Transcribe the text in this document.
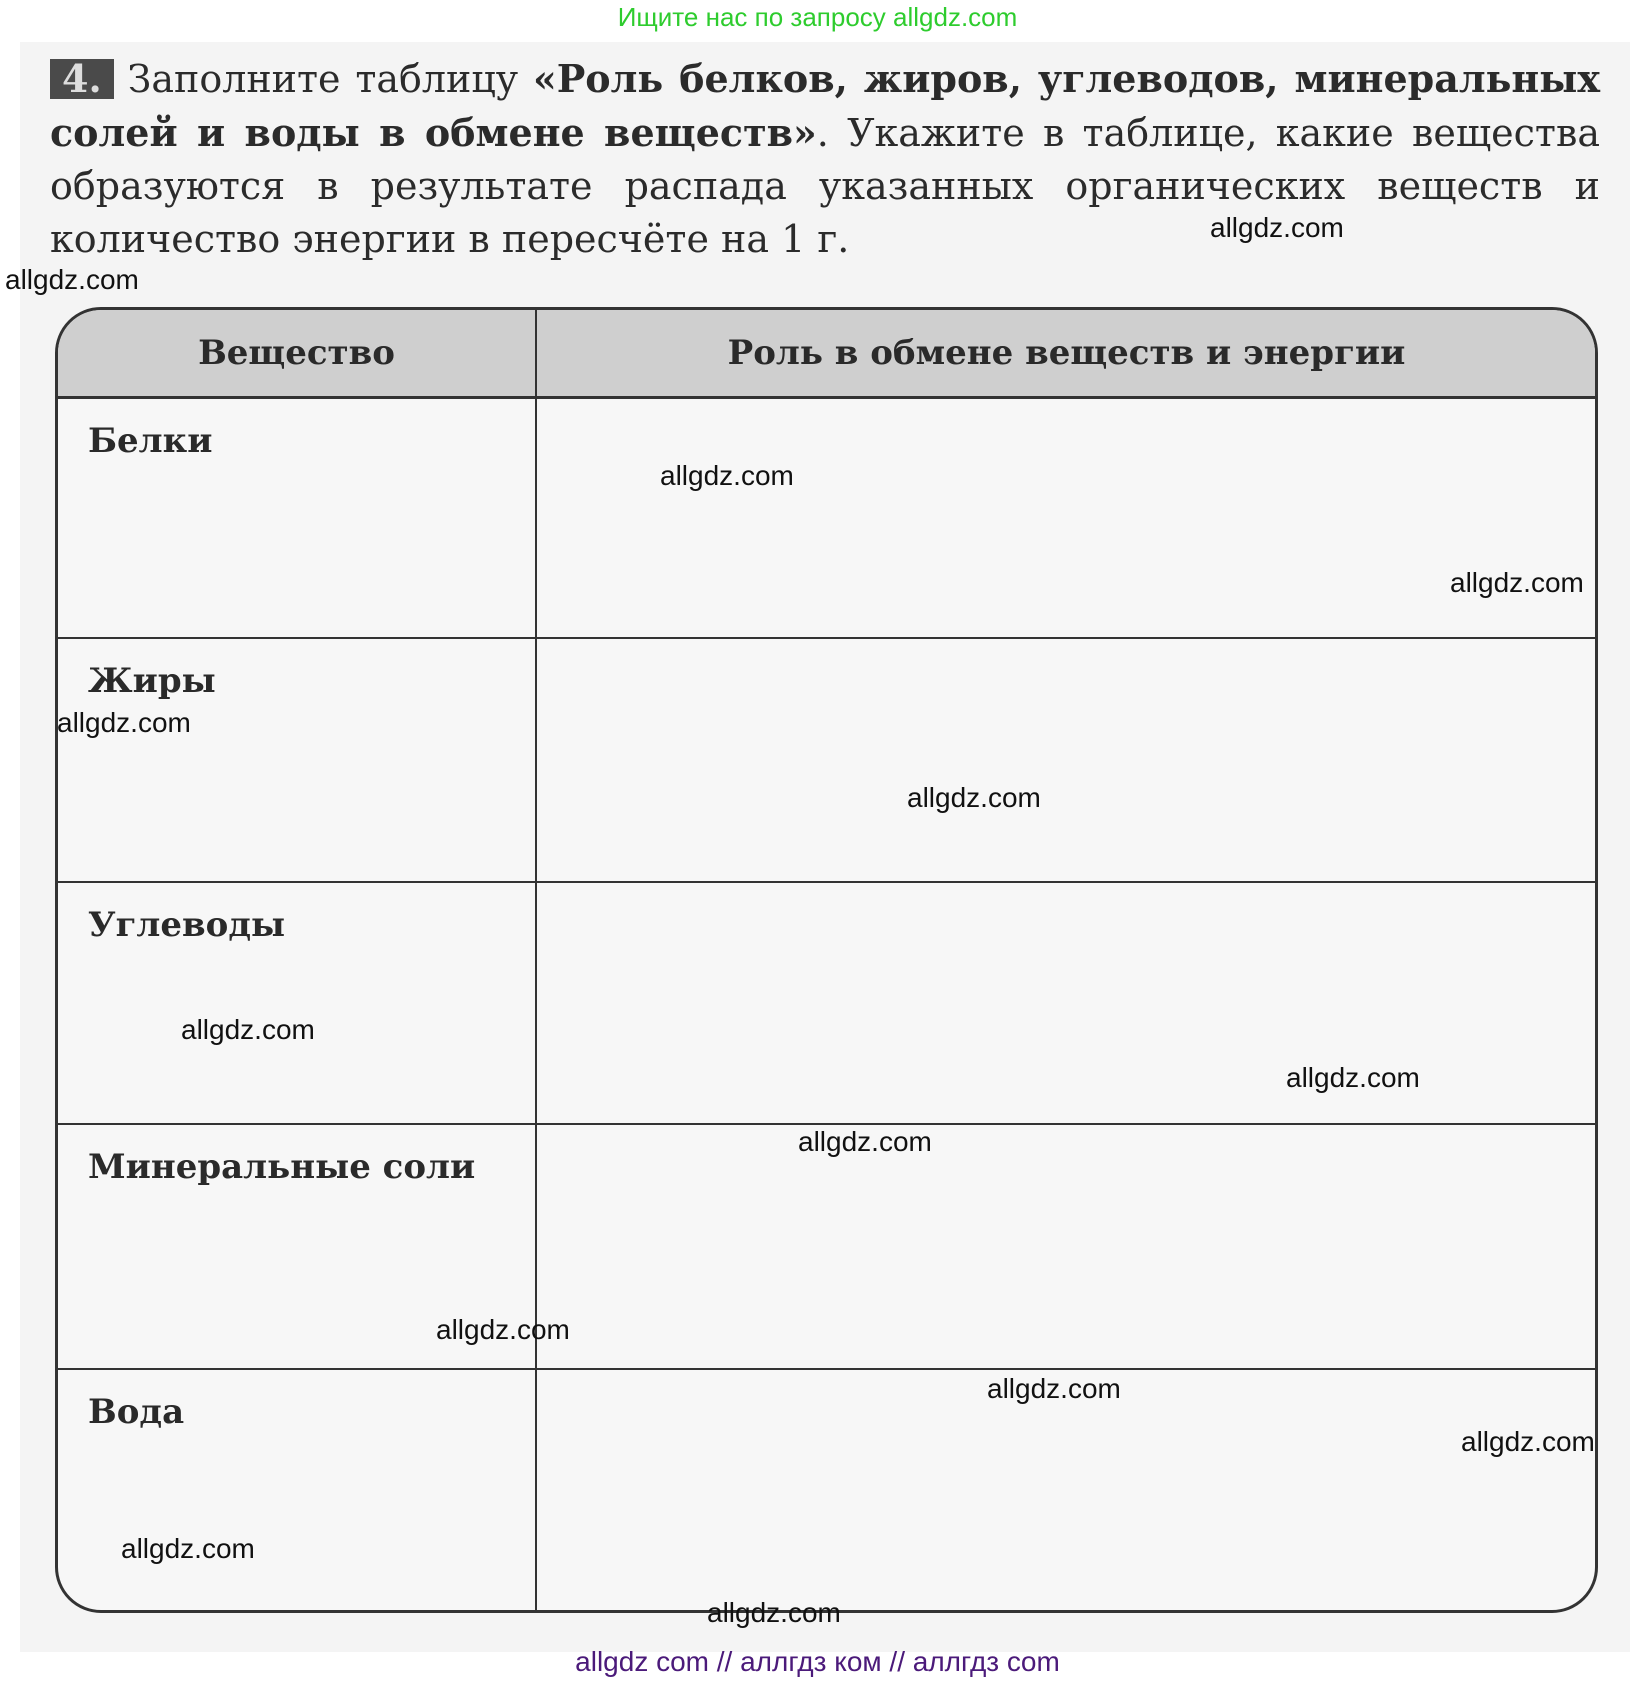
Ищите нас по запросу allgdz.com
4. Заполните таблицу «Роль белков, жиров, углеводов, минеральных солей и воды в обмене веществ». Укажите в таблице, какие вещества образуются в результате распада указанных органических веществ и количество энергии в пересчёте на 1 г.
Вещество	Роль в обмене веществ и энергии
Белки
Жиры
Углеводы
Минеральные соли
Вода
allgdz.com
allgdz.com
allgdz.com
allgdz.com
allgdz.com
allgdz.com
allgdz.com
allgdz.com
allgdz.com
allgdz.com
allgdz.com
allgdz.com
allgdz.com
allgdz.com
allgdz com // аллгдз ком // аллгдз com
